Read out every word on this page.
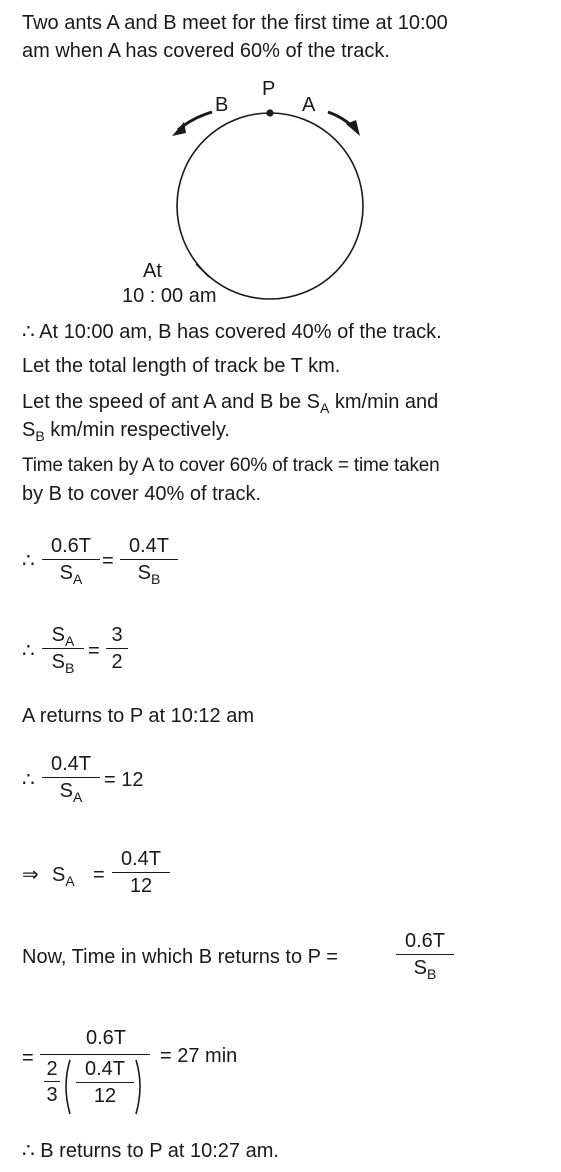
Two ants A and B meet for the first time at 10:00
am when A has covered 60% of the track.
P
B	A
At
10 : 00 am
∴ At 10:00 am, B has covered 40% of the track.
Let the total length of track be T km.
Let the speed of ant A and B be $S_A$ km/min and
$S_B$ km/min respectively.
Time taken by A to cover 60% of track = time taken
by B to cover 40% of track.
∴ $\frac{0.6T}{S_A} = \frac{0.4T}{S_B}$
∴ $\frac{S_A}{S_B} = \frac{3}{2}$
A returns to P at 10:12 am
∴ $\frac{0.4T}{S_A} = 12$
⇒ $S_A = \frac{0.4T}{12}$
Now, Time in which B returns to P =	$\frac{0.6T}{S_B}$
=
0.6T
$\frac{2}{3} \frac{0.4T}{12}$
= 27 min
∴ B returns to P at 10:27 am.
